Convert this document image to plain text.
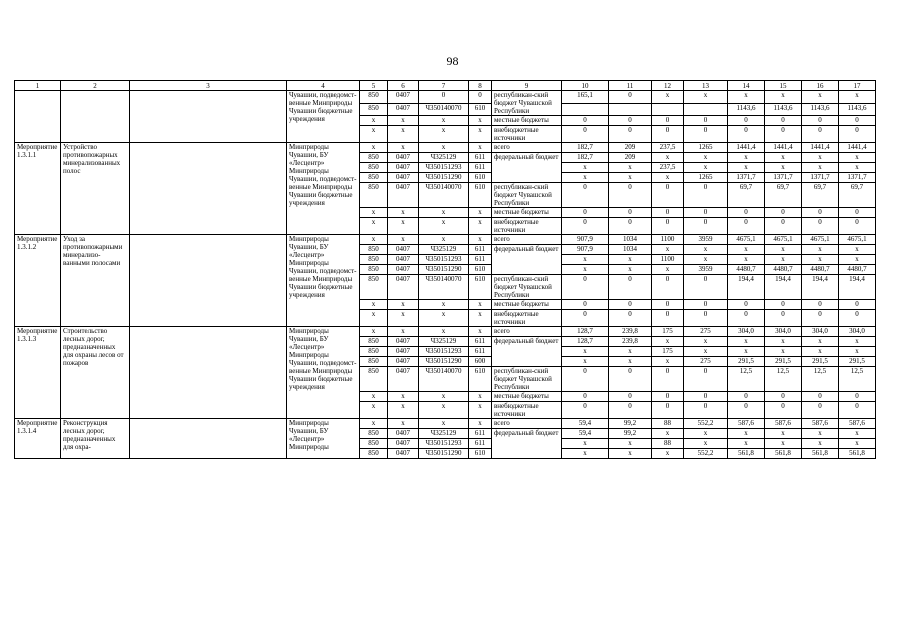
98
1	2	3	4	5	6	7	8	9	10	11	12	13	14	15	16	17
			Чувашии, подведомст-венные Минприроды Чувашии бюджетные учреждения	850	0407	0	0	республикан-ский бюджет Чувашской Республики	165,1	0	x	x	x	x	x	x
				850	0407	Ч350140070	610						1143,6	1143,6	1143,6	1143,6
				x	x	x	x	местные бюджеты	0	0	0	0	0	0	0	0
				x	x	x	x	внебюджетные источники	0	0	0	0	0	0	0	0
Мероприятие 1.3.1.1	Устройство противопожарных минерализованных полос		Минприроды Чувашии, БУ «Лесцентр» Минприроды Чувашии, подведомст-венные Минприроды Чувашии бюджетные учреждения	x	x	x	x	всего	182,7	209	237,5	1265	1441,4	1441,4	1441,4	1441,4
				850	0407	Ч325129	611	федеральный бюджет	182,7	209	x	x	x	x	x	x
				850	0407	Ч350151293	611		x	x	237,5	x	x	x	x	x
				850	0407	Ч350151290	610		x	x	x	1265	1371,7	1371,7	1371,7	1371,7
				850	0407	Ч350140070	610	республикан-ский бюджет Чувашской Республики	0	0	0	0	69,7	69,7	69,7	69,7
				x	x	x	x	местные бюджеты	0	0	0	0	0	0	0	0
				x	x	x	x	внебюджетные источники	0	0	0	0	0	0	0	0
Мероприятие 1.3.1.2	Уход за противопожарными минерализо-ванными полосами		Минприроды Чувашии, БУ «Лесцентр» Минприроды Чувашии, подведомст-венные Минприроды Чувашии бюджетные учреждения	x	x	x	x	всего	907,9	1034	1100	3959	4675,1	4675,1	4675,1	4675,1
				850	0407	Ч325129	611	федеральный бюджет	907,9	1034	x	x	x	x	x	x
				850	0407	Ч350151293	611		x	x	1100	x	x	x	x	x
				850	0407	Ч350151290	610		x	x	x	3959	4480,7	4480,7	4480,7	4480,7
				850	0407	Ч350140070	610	республикан-ский бюджет Чувашской Республики	0	0	0	0	194,4	194,4	194,4	194,4
				x	x	x	x	местные бюджеты	0	0	0	0	0	0	0	0
				x	x	x	x	внебюджетные источники	0	0	0	0	0	0	0	0
Мероприятие 1.3.1.3	Строительство лесных дорог, предназначенных для охраны лесов от пожаров		Минприроды Чувашии, БУ «Лесцентр» Минприроды Чувашии, подведомст-венные Минприроды Чувашии бюджетные учреждения	x	x	x	x	всего	128,7	239,8	175	275	304,0	304,0	304,0	304,0
				850	0407	Ч325129	611	федеральный бюджет	128,7	239,8	x	x	x	x	x	x
				850	0407	Ч350151293	611		x	x	175	x	x	x	x	x
				850	0407	Ч350151290	600		x	x	x	275	291,5	291,5	291,5	291,5
				850	0407	Ч350140070	610	республикан-ский бюджет Чувашской Республики	0	0	0	0	12,5	12,5	12,5	12,5
				x	x	x	x	местные бюджеты	0	0	0	0	0	0	0	0
				x	x	x	x	внебюджетные источники	0	0	0	0	0	0	0	0
Мероприятие 1.3.1.4	Реконструкция лесных дорог, предназначенных для охра-		Минприроды Чувашии, БУ «Лесцентр» Минприроды	x	x	x	x	всего	59,4	99,2	88	552,2	587,6	587,6	587,6	587,6
				850	0407	Ч325129	611	федеральный бюджет	59,4	99,2	x	x	x	x	x	x
				850	0407	Ч350151293	611		x	x	88	x	x	x	x	x
				850	0407	Ч350151290	610		x	x	x	552,2	561,8	561,8	561,8	561,8
